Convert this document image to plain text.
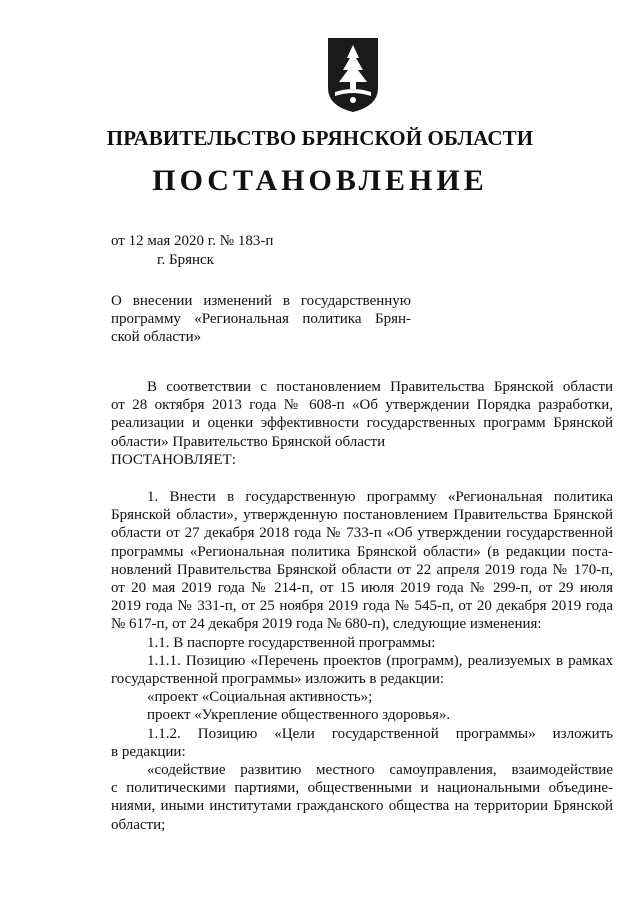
ПРАВИТЕЛЬСТВО БРЯНСКОЙ ОБЛАСТИ
ПОСТАНОВЛЕНИЕ
от 12 мая 2020 г. № 183-п
г. Брянск
О внесении изменений в государственную
программу «Региональная политика Брян-
ской области»
В соответствии с постановлением Правительства Брянской области
от 28 октября 2013 года № 608-п «Об утверждении Порядка разработки,
реализации и оценки эффективности государственных программ Брянской
области» Правительство Брянской области
ПОСТАНОВЛЯЕТ:
1. Внести в государственную программу «Региональная политика
Брянской области», утвержденную постановлением Правительства Брянской
области от 27 декабря 2018 года № 733-п «Об утверждении государственной
программы «Региональная политика Брянской области» (в редакции поста-
новлений Правительства Брянской области от 22 апреля 2019 года № 170-п,
от 20 мая 2019 года № 214-п, от 15 июля 2019 года № 299-п, от 29 июля
2019 года № 331-п, от 25 ноября 2019 года № 545-п, от 20 декабря 2019 года
№ 617-п, от 24 декабря 2019 года № 680-п), следующие изменения:
1.1. В паспорте государственной программы:
1.1.1. Позицию «Перечень проектов (программ), реализуемых в рамках
государственной программы» изложить в редакции:
«проект «Социальная активность»;
проект «Укрепление общественного здоровья».
1.1.2. Позицию «Цели государственной программы» изложить
в редакции:
«содействие развитию местного самоуправления, взаимодействие
с политическими партиями, общественными и национальными объедине-
ниями, иными институтами гражданского общества на территории Брянской
области;
